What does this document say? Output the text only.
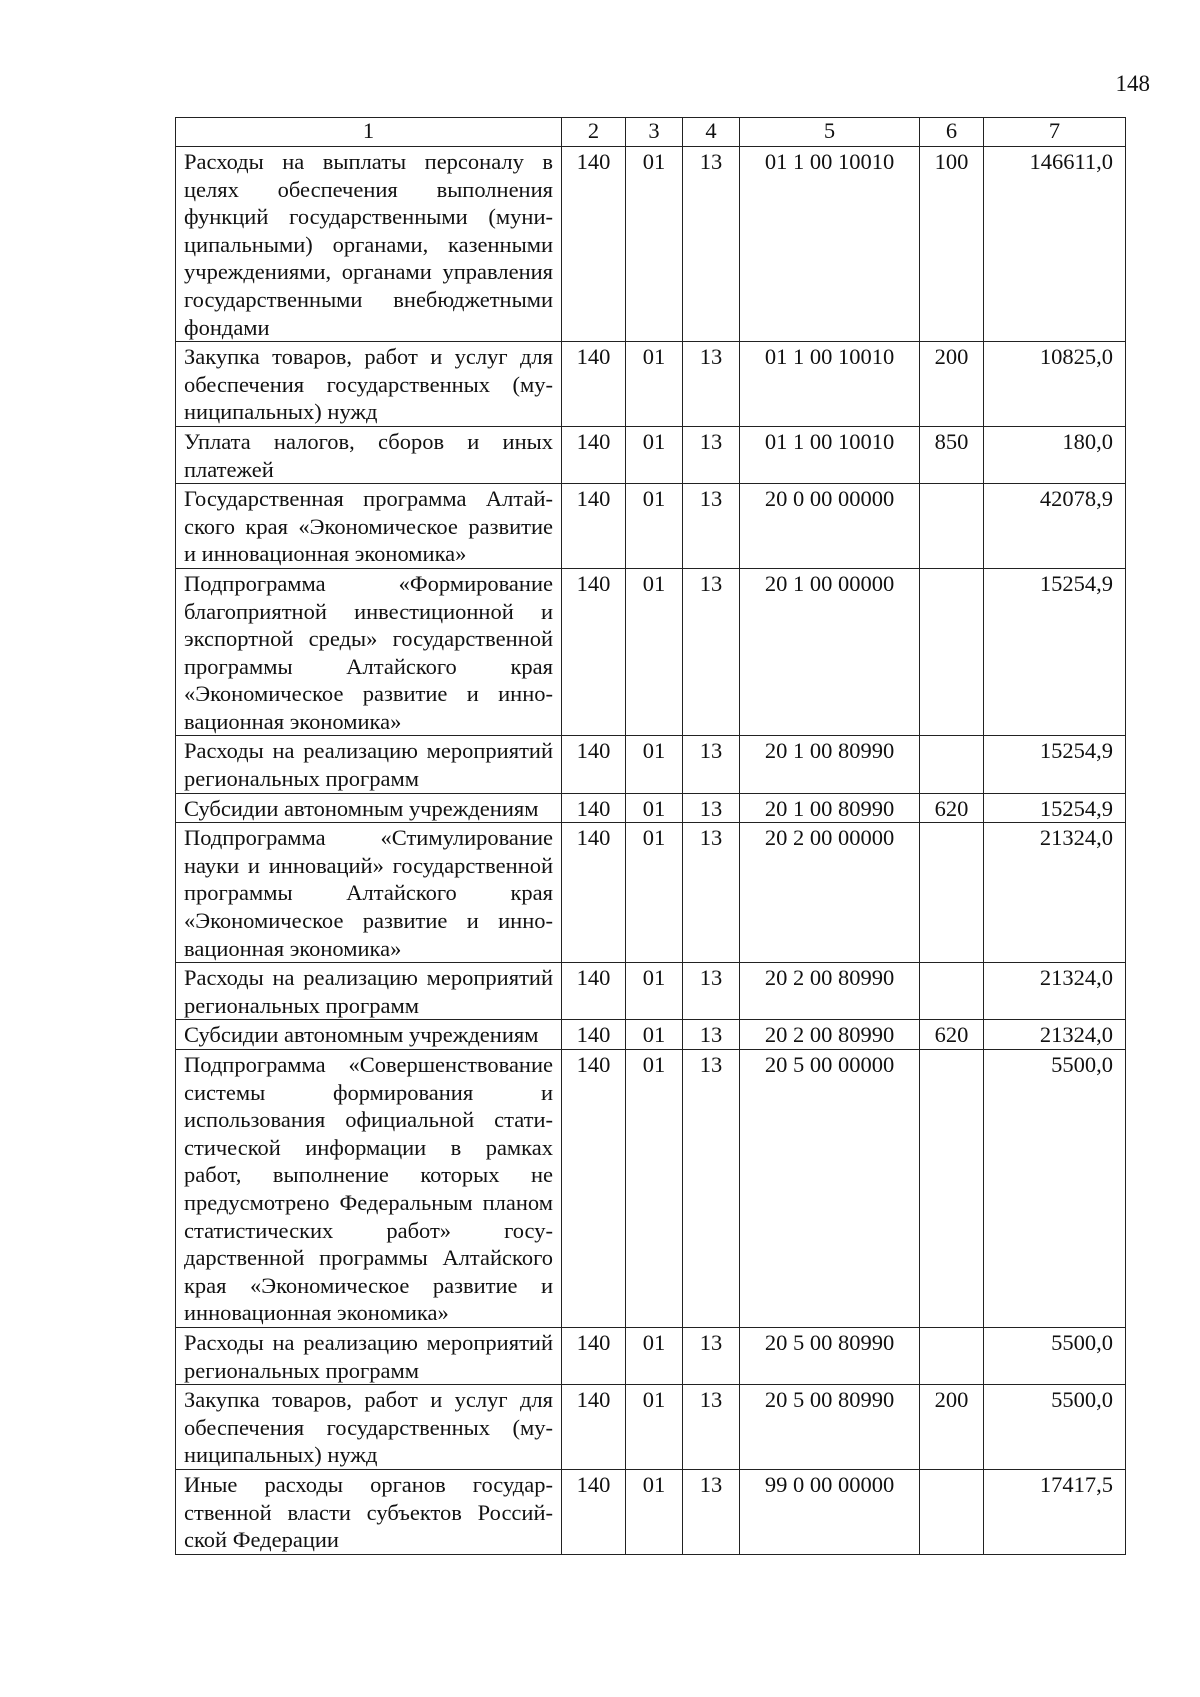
148
1	2	3	4	5	6	7
Расходы на выплаты персоналу в целях обеспечения выполнения функций государственными (муниципальными) органами, казенными учреждениями, органами управления государственными внебюджетными фондами	140	01	13	01 1 00 10010	100	146611,0
Закупка товаров, работ и услуг для обеспечения государственных (муниципальных) нужд	140	01	13	01 1 00 10010	200	10825,0
Уплата налогов, сборов и иных платежей	140	01	13	01 1 00 10010	850	180,0
Государственная программа Алтайского края «Экономическое развитие и инновационная экономика»	140	01	13	20 0 00 00000		42078,9
Подпрограмма «Формирование благоприятной инвестиционной и экспортной среды» государственной программы Алтайского края «Экономическое развитие и инновационная экономика»	140	01	13	20 1 00 00000		15254,9
Расходы на реализацию мероприятий региональных программ	140	01	13	20 1 00 80990		15254,9
Субсидии автономным учреждениям	140	01	13	20 1 00 80990	620	15254,9
Подпрограмма «Стимулирование науки и инноваций» государственной программы Алтайского края «Экономическое развитие и инновационная экономика»	140	01	13	20 2 00 00000		21324,0
Расходы на реализацию мероприятий региональных программ	140	01	13	20 2 00 80990		21324,0
Субсидии автономным учреждениям	140	01	13	20 2 00 80990	620	21324,0
Подпрограмма «Совершенствование системы формирования и использования официальной статистической информации в рамках работ, выполнение которых не предусмотрено Федеральным планом статистических работ» государственной программы Алтайского края «Экономическое развитие и инновационная экономика»	140	01	13	20 5 00 00000		5500,0
Расходы на реализацию мероприятий региональных программ	140	01	13	20 5 00 80990		5500,0
Закупка товаров, работ и услуг для обеспечения государственных (муниципальных) нужд	140	01	13	20 5 00 80990	200	5500,0
Иные расходы органов государственной власти субъектов Российской Федерации	140	01	13	99 0 00 00000		17417,5
